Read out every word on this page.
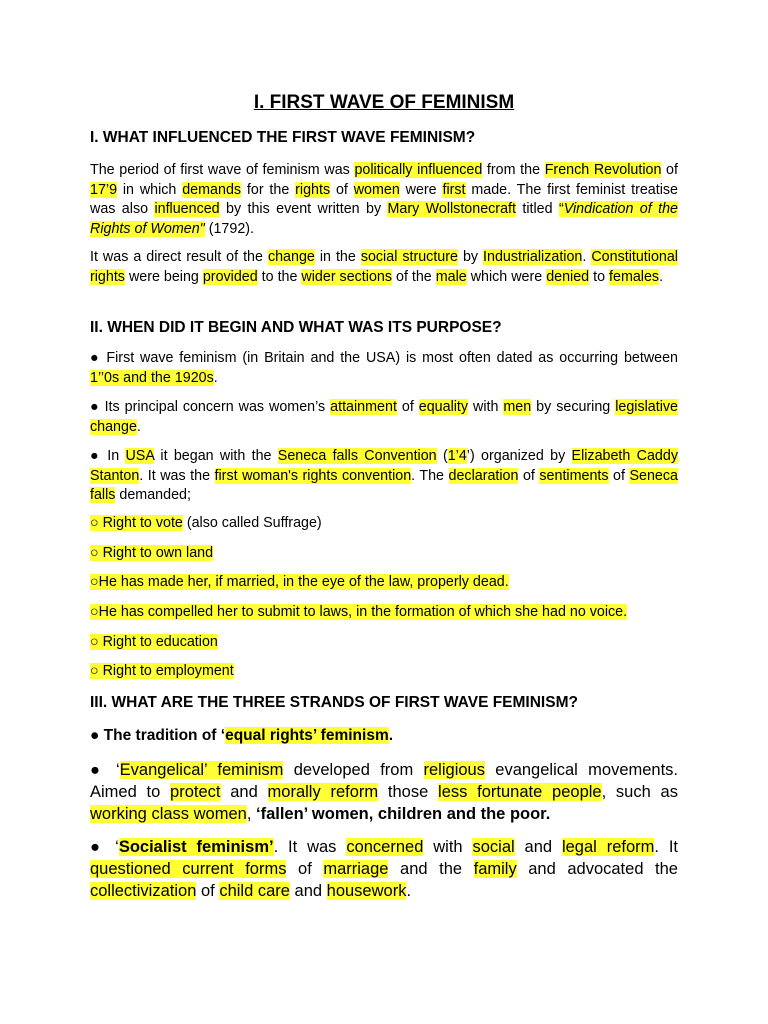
I. FIRST WAVE OF FEMINISM
I. WHAT INFLUENCED THE FIRST WAVE FEMINISM?

The period of first wave of feminism was politically influenced from the French Revolution of 17’9 in which demands for the rights of women were first made. The first feminist treatise was also influenced by this event written by Mary Wollstonecraft titled “Vindication of the Rights of Women" (1792).

It was a direct result of the change in the social structure by Industrialization. Constitutional rights were being provided to the wider sections of the male which were denied to females.

II. WHEN DID IT BEGIN AND WHAT WAS ITS PURPOSE?

● First wave feminism (in Britain and the USA) is most often dated as occurring between 1’’0s and the 1920s.

● Its principal concern was women’s attainment of equality with men by securing legislative change.

● In USA it began with the Seneca falls Convention (1’4’) organized by Elizabeth Caddy Stanton. It was the first woman's rights convention. The declaration of sentiments of Seneca falls demanded;

○ Right to vote (also called Suffrage)

○ Right to own land

○He has made her, if married, in the eye of the law, properly dead.

○He has compelled her to submit to laws, in the formation of which she had no voice.

○ Right to education

○ Right to employment

III. WHAT ARE THE THREE STRANDS OF FIRST WAVE FEMINISM?

● The tradition of ‘equal rights’ feminism.

● ‘Evangelical’ feminism developed from religious evangelical movements. Aimed to protect and morally reform those less fortunate people, such as working class women, ‘fallen’ women, children and the poor.

● ‘Socialist feminism’. It was concerned with social and legal reform. It questioned current forms of marriage and the family and advocated the collectivization of child care and housework.
